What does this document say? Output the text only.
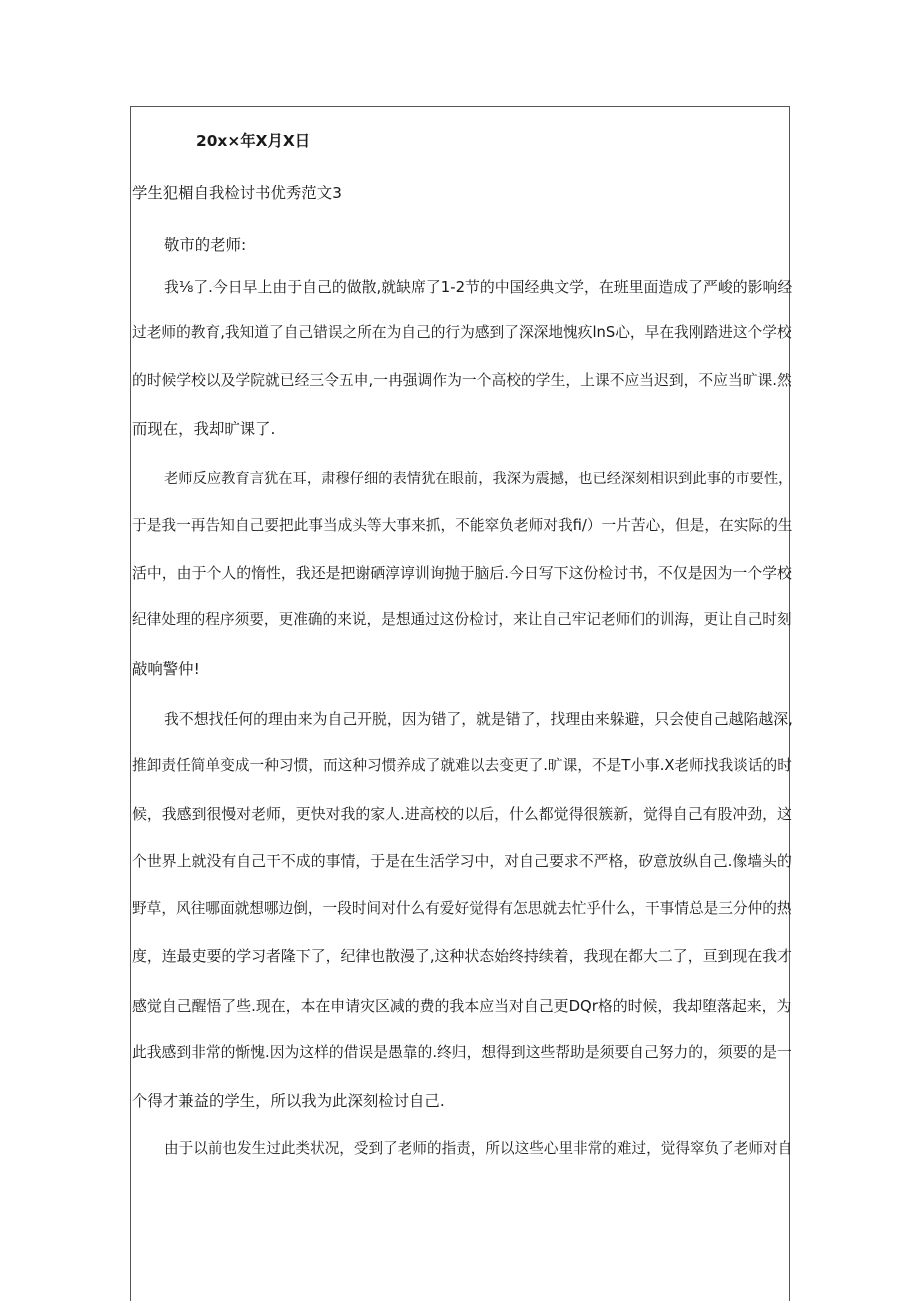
20x×年X月X日
学生犯楣自我检讨书优秀范文3
敬市的老师:
我⅛了.今日早上由于自己的做散,就缺席了1-2节的中国经典文学，在班里面造成了严峻的影响经
过老师的教育,我知道了自己错误之所在为自己的行为感到了深深地愧疚lnS心，早在我刚踏进这个学校
的时候学校以及学院就已经三令五申,一冉强调作为一个高校的学生，上课不应当迟到，不应当旷课.然
而现在，我却旷课了.
老师反应教育言犹在耳，肃穆仔细的表情犹在眼前，我深为震撼，也已经深刻相识到此事的市要性，
于是我一再告知自己要把此事当成头等大事来抓，不能窣负老师对我fi/）一片苦心，但是，在实际的生
活中，由于个人的惰性，我还是把谢硒淳谆训询抛于脑后.今日写下这份检讨书，不仅是因为一个学校
纪律处理的程序须要，更准确的来说，是想通过这份检讨，来让自己牢记老师们的训海，更让自己时刻
敲响警仲!
我不想找任何的理由来为自己开脱，因为错了，就是错了，找理由来躲避，只会使自己越陷越深,
推卸责任简单变成一种习惯，而这种习惯养成了就难以去变更了.旷课，不是T小事.X老师找我谈话的时
候，我感到很慢对老师，更快对我的家人.进高校的以后，什么都觉得很簇新，觉得自己有股冲劲，这
个世界上就没有自己干不成的事情，于是在生活学习中，对自己要求不严格，矽意放纵自己.像墙头的
野草，风往哪面就想哪边倒，一段时间对什么有爱好觉得有怎思就去忙乎什么，干事情总是三分仲的热
度，连最吏要的学习者隆下了，纪律也散漫了,这种状态始终持续着，我现在都大二了，亘到现在我才
感觉自己醒悟了些.现在，本在申请灾区减的费的我本应当对自己更DQr格的时候，我却堕落起来，为
此我感到非常的惭愧.因为这样的借误是愚靠的.终归，想得到这些帮助是须要自己努力的，须要的是一
个得才兼益的学生，所以我为此深刻检讨自己.
由于以前也发生过此类状况，受到了老师的指责，所以这些心里非常的难过，觉得窣负了老师对自
